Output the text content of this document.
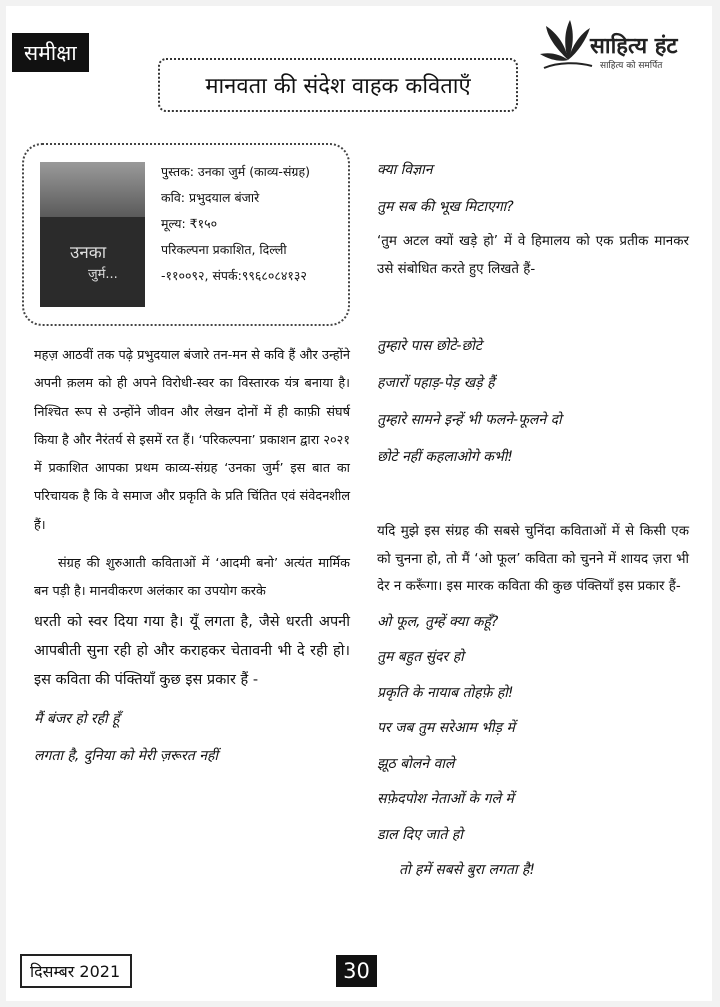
समीक्षा
मानवता की संदेश वाहक कविताएँ
साहित्य हंट
साहित्य को समर्पित
उनका
जुर्म...
पुस्तक: उनका जुर्म (काव्य-संग्रह)
कवि: प्रभुदयाल बंजारे
मूल्य: ₹१५०
परिकल्पना प्रकाशित, दिल्ली
-११००९२, संपर्क:९९६८०८४१३२

महज़ आठवीं तक पढ़े प्रभुदयाल बंजारे तन-मन से कवि हैं और उन्होंने अपनी क़लम को ही अपने विरोधी-स्वर का विस्तारक यंत्र बनाया है। निश्चित रूप से उन्होंने जीवन और लेखन दोनों में ही काफ़ी संघर्ष किया है और नैरंतर्य से इसमें रत हैं। ‘परिकल्पना’ प्रकाशन द्वारा २०२१ में प्रकाशित आपका प्रथम काव्य-संग्रह ‘उनका जुर्म’ इस बात का परिचायक है कि वे समाज और प्रकृति के प्रति चिंतित एवं संवेदनशील हैं।

संग्रह की शुरुआती कविताओं में ‘आदमी बनो’ अत्यंत मार्मिक बन पड़ी है। मानवीकरण अलंकार का उपयोग करके

धरती को स्वर दिया गया है। यूँ लगता है, जैसे धरती अपनी आपबीती सुना रही हो और कराहकर चेतावनी भी दे रही हो। इस कविता की पंक्तियाँ कुछ इस प्रकार हैं -

मैं बंजर हो रही हूँ
लगता है, दुनिया को मेरी ज़रूरत नहीं
क्या विज्ञान
तुम सब की भूख मिटाएगा?

‘तुम अटल क्यों खड़े हो’ में वे हिमालय को एक प्रतीक मानकर उसे संबोधित करते हुए लिखते हैं-

तुम्हारे पास छोटे-छोटे
हजारों पहाड़-पेड़ खड़े हैं
तुम्हारे सामने इन्हें भी फलने-फूलने दो
छोटे नहीं कहलाओगे कभी!

यदि मुझे इस संग्रह की सबसे चुनिंदा कविताओं में से किसी एक को चुनना हो, तो मैं ‘ओ फूल’ कविता को चुनने में शायद ज़रा भी देर न करूँगा। इस मारक कविता की कुछ पंक्तियाँ इस प्रकार हैं-

ओ फूल, तुम्हें क्या कहूँ?
तुम बहुत सुंदर हो
प्रकृति के नायाब तोहफ़े हो!
पर जब तुम सरेआम भीड़ में
झूठ बोलने वाले
सफ़ेदपोश नेताओं के गले में
डाल दिए जाते हो
तो हमें सबसे बुरा लगता है!
दिसम्बर 2021	30
